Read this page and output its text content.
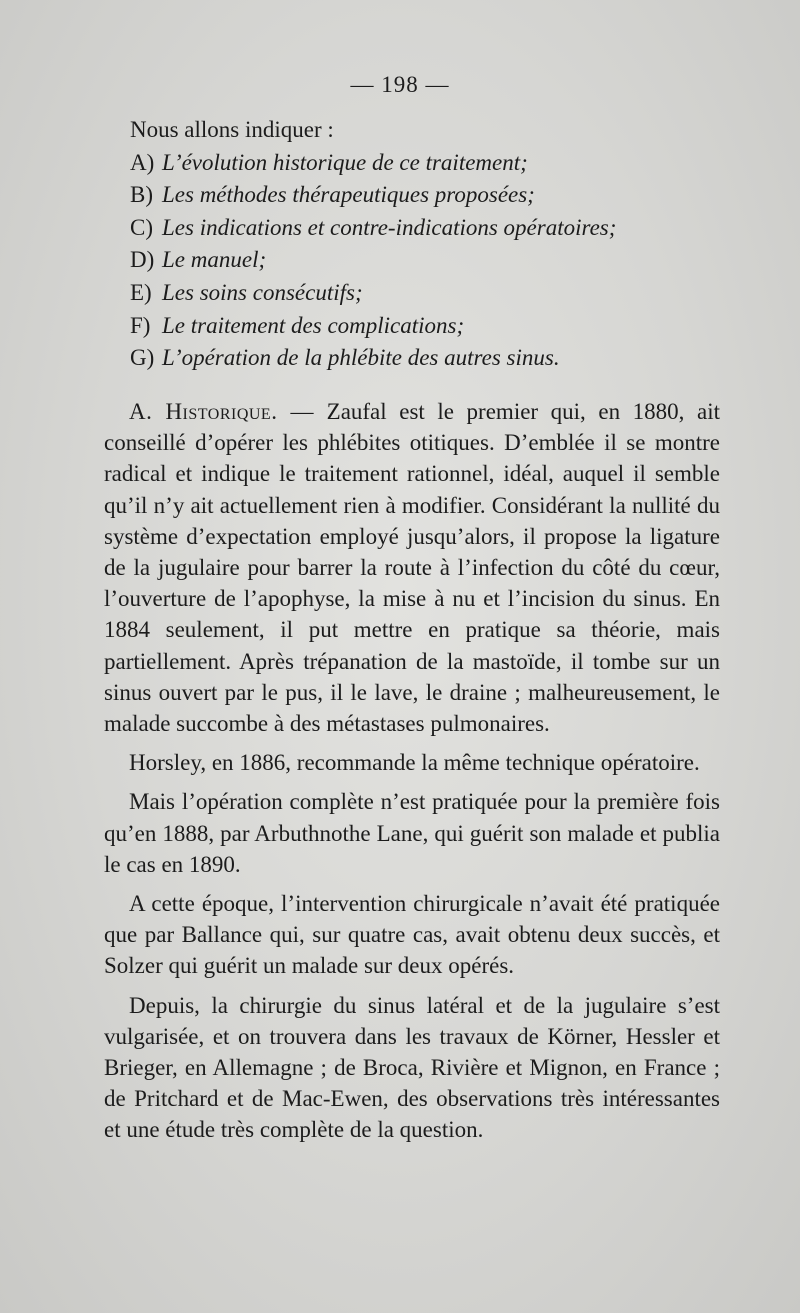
— 198 —
Nous allons indiquer :
A) L’évolution historique de ce traitement;
B) Les méthodes thérapeutiques proposées;
C) Les indications et contre-indications opératoires;
D) Le manuel;
E) Les soins consécutifs;
F) Le traitement des complications;
G) L’opération de la phlébite des autres sinus.

A. Historique. — Zaufal est le premier qui, en 1880, ait conseillé d’opérer les phlébites otitiques. D’emblée il se montre radical et indique le traitement rationnel, idéal, auquel il semble qu’il n’y ait actuellement rien à modifier. Considérant la nullité du système d’expectation employé jusqu’alors, il propose la ligature de la jugulaire pour barrer la route à l’infection du côté du cœur, l’ouverture de l’apophyse, la mise à nu et l’incision du sinus. En 1884 seulement, il put mettre en pratique sa théorie, mais partiellement. Après trépanation de la mastoïde, il tombe sur un sinus ouvert par le pus, il le lave, le draine ; malheureusement, le malade succombe à des métastases pulmonaires.

Horsley, en 1886, recommande la même technique opératoire.

Mais l’opération complète n’est pratiquée pour la première fois qu’en 1888, par Arbuthnothe Lane, qui guérit son malade et publia le cas en 1890.

A cette époque, l’intervention chirurgicale n’avait été pratiquée que par Ballance qui, sur quatre cas, avait obtenu deux succès, et Solzer qui guérit un malade sur deux opérés.

Depuis, la chirurgie du sinus latéral et de la jugulaire s’est vulgarisée, et on trouvera dans les travaux de Körner, Hessler et Brieger, en Allemagne ; de Broca, Rivière et Mignon, en France ; de Pritchard et de Mac-Ewen, des observations très intéressantes et une étude très complète de la question.
